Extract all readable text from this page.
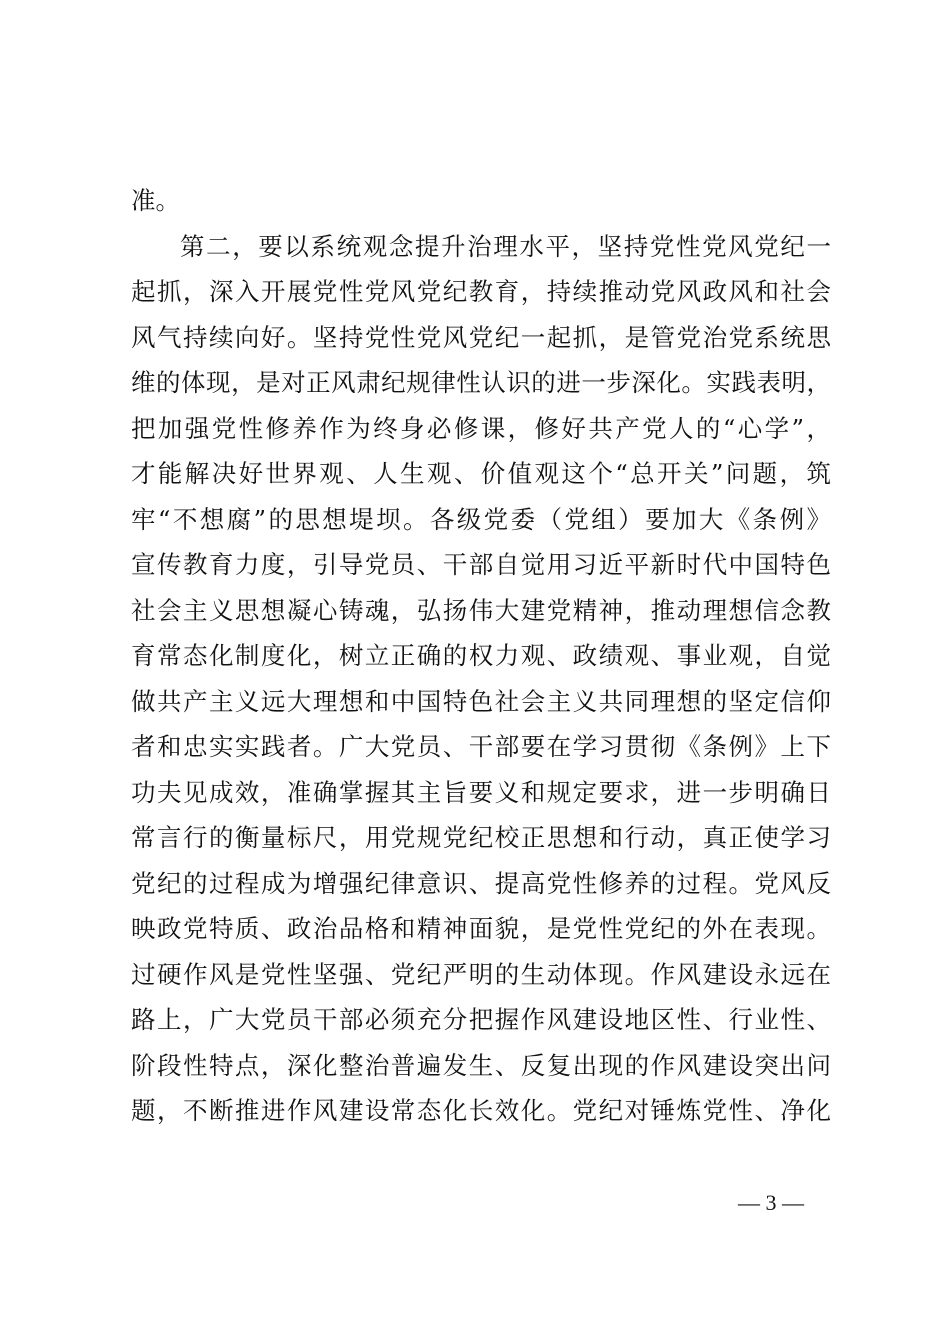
准。
第二，要以系统观念提升治理水平，坚持党性党风党纪一
起抓，深入开展党性党风党纪教育，持续推动党风政风和社会
风气持续向好。坚持党性党风党纪一起抓，是管党治党系统思
维的体现，是对正风肃纪规律性认识的进一步深化。实践表明，
把加强党性修养作为终身必修课，修好共产党人的“心学”，
才能解决好世界观、人生观、价值观这个“总开关”问题，筑
牢“不想腐”的思想堤坝。各级党委（党组）要加大《条例》
宣传教育力度，引导党员、干部自觉用习近平新时代中国特色
社会主义思想凝心铸魂，弘扬伟大建党精神，推动理想信念教
育常态化制度化，树立正确的权力观、政绩观、事业观，自觉
做共产主义远大理想和中国特色社会主义共同理想的坚定信仰
者和忠实实践者。广大党员、干部要在学习贯彻《条例》上下
功夫见成效，准确掌握其主旨要义和规定要求，进一步明确日
常言行的衡量标尺，用党规党纪校正思想和行动，真正使学习
党纪的过程成为增强纪律意识、提高党性修养的过程。党风反
映政党特质、政治品格和精神面貌，是党性党纪的外在表现。
过硬作风是党性坚强、党纪严明的生动体现。作风建设永远在
路上，广大党员干部必须充分把握作风建设地区性、行业性、
阶段性特点，深化整治普遍发生、反复出现的作风建设突出问
题，不断推进作风建设常态化长效化。党纪对锤炼党性、净化
— 3 —
